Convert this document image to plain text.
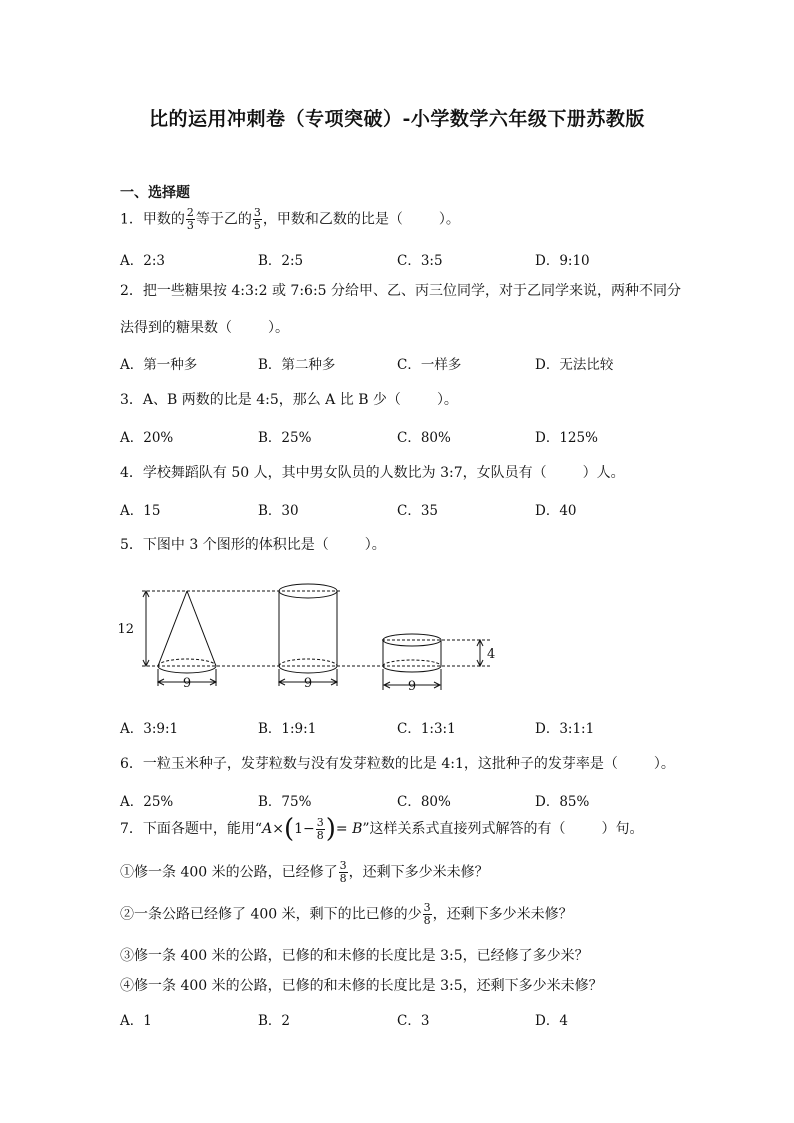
比的运用冲刺卷（专项突破）-小学数学六年级下册苏教版
一、选择题
1．甲数的 $\frac{2}{3}$ 等于乙的 $\frac{3}{5}$ ，甲数和乙数的比是（	）。
A．2:3	B．2:5	C．3:5	D．9:10
2．把一些糖果按 4:3:2 或 7:6:5 分给甲、乙、丙三位同学，对于乙同学来说，两种不同分
法得到的糖果数（	）。
A．第一种多	B．第二种多	C．一样多	D．无法比较
3．A、B 两数的比是 4:5，那么 A 比 B 少（	）。
A．20%	B．25%	C．80%	D．125%
4．学校舞蹈队有 50 人，其中男女队员的人数比为 3:7，女队员有（	）人。
A．15	B．30	C．35	D．40
5．下图中 3 个图形的体积比是（	）。
12
9	9	9
4
A．3:9:1	B．1:9:1	C．1:3:1	D．3:1:1
6．一粒玉米种子，发芽粒数与没有发芽粒数的比是 4:1，这批种子的发芽率是（	）。
A．25%	B．75%	C．80%	D．85%
7．下面各题中，能用“$A\times(1- \frac{3}{8}$ )= B”这样关系式直接列式解答的有（	）句。
①修一条 400 米的公路，已经修了 $\frac{3}{8}$ ，还剩下多少米未修？
②一条公路已经修了 400 米，剩下的比已修的少 $\frac{3}{8}$ ，还剩下多少米未修？
③修一条 400 米的公路，已修的和未修的长度比是 3:5，已经修了多少米？
④修一条 400 米的公路，已修的和未修的长度比是 3:5，还剩下多少米未修？
A．1	B．2	C．3	D．4
